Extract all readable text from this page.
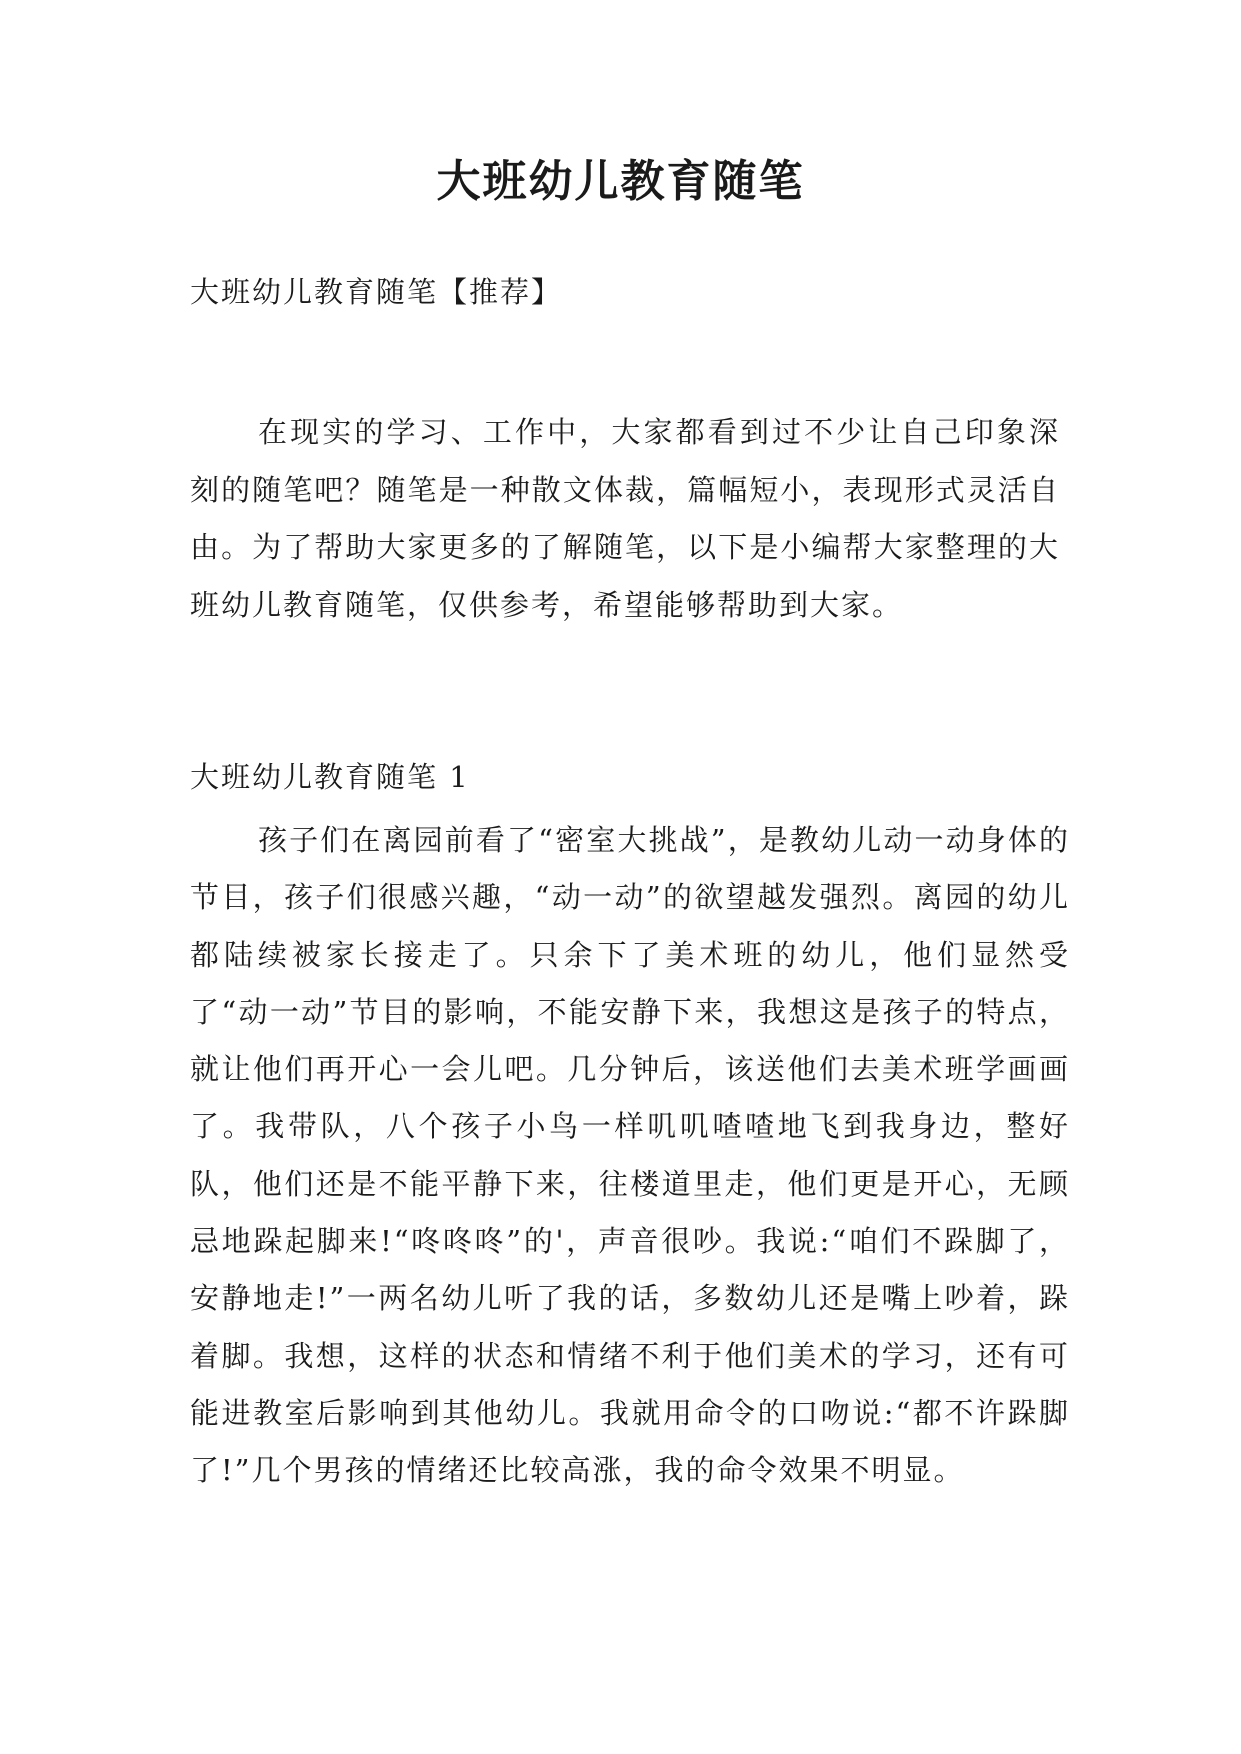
大班幼儿教育随笔

大班幼儿教育随笔【推荐】

在现实的学习、工作中，大家都看到过不少让自己印象深刻的随笔吧？随笔是一种散文体裁，篇幅短小，表现形式灵活自由。为了帮助大家更多的了解随笔，以下是小编帮大家整理的大班幼儿教育随笔，仅供参考，希望能够帮助到大家。

大班幼儿教育随笔 1

孩子们在离园前看了“密室大挑战”，是教幼儿动一动身体的节目，孩子们很感兴趣，“动一动”的欲望越发强烈。离园的幼儿都陆续被家长接走了。只余下了美术班的幼儿，他们显然受了“动一动”节目的影响，不能安静下来，我想这是孩子的特点，就让他们再开心一会儿吧。几分钟后，该送他们去美术班学画画了。我带队，八个孩子小鸟一样叽叽喳喳地飞到我身边，整好队，他们还是不能平静下来，往楼道里走，他们更是开心，无顾忌地跺起脚来!“咚咚咚”的'，声音很吵。我说:“咱们不跺脚了，安静地走!”一两名幼儿听了我的话，多数幼儿还是嘴上吵着，跺着脚。我想，这样的状态和情绪不利于他们美术的学习，还有可能进教室后影响到其他幼儿。我就用命令的口吻说:“都不许跺脚了!”几个男孩的情绪还比较高涨，我的命令效果不明显。
